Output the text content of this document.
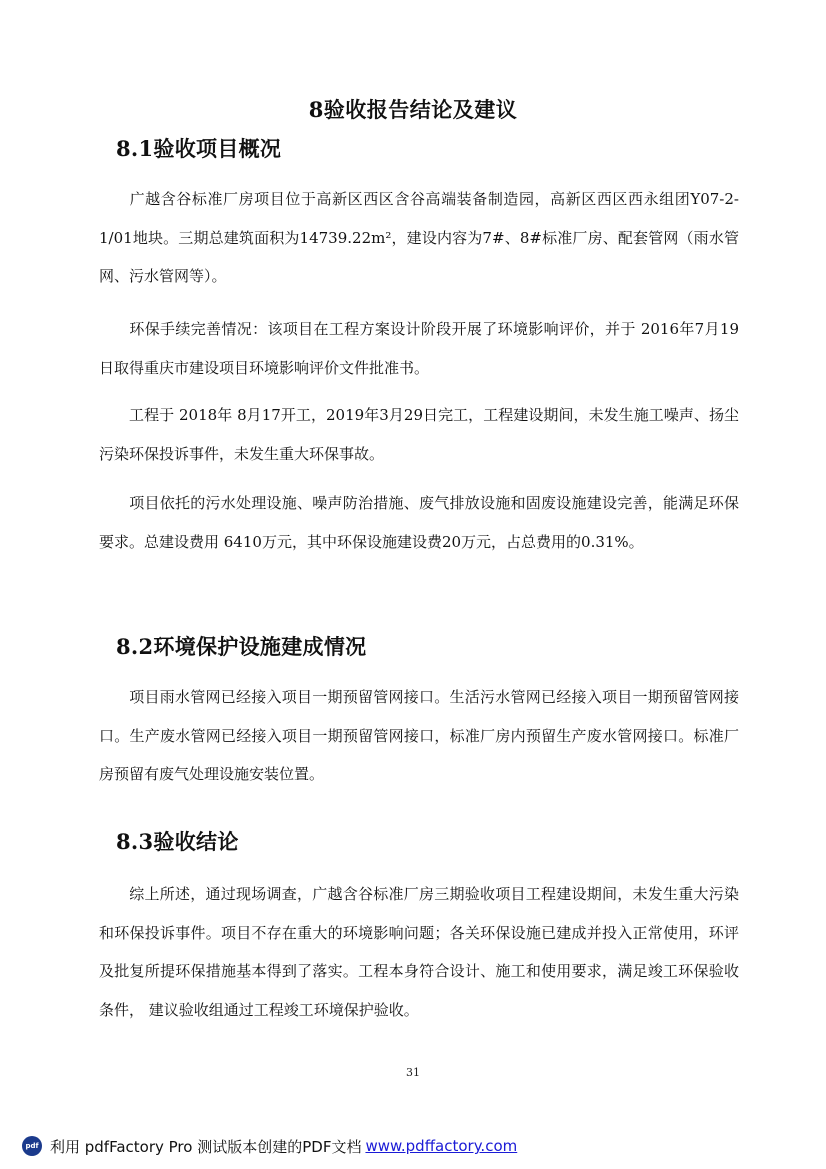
8验收报告结论及建议
8.1验收项目概况

广越含谷标准厂房项目位于高新区西区含谷高端装备制造园，高新区西区西永组团Y07-2-1/01地块。三期总建筑面积为14739.22m²，建设内容为7#、8#标准厂房、配套管网（雨水管网、污水管网等）。

环保手续完善情况：该项目在工程方案设计阶段开展了环境影响评价，并于 2016年7月19日取得重庆市建设项目环境影响评价文件批准书。

工程于 2018年 8月17开工，2019年3月29日完工，工程建设期间，未发生施工噪声、扬尘污染环保投诉事件，未发生重大环保事故。

项目依托的污水处理设施、噪声防治措施、废气排放设施和固废设施建设完善，能满足环保要求。总建设费用 6410万元，其中环保设施建设费20万元，占总费用的0.31%。

8.2环境保护设施建成情况

项目雨水管网已经接入项目一期预留管网接口。生活污水管网已经接入项目一期预留管网接口。生产废水管网已经接入项目一期预留管网接口，标准厂房内预留生产废水管网接口。标准厂房预留有废气处理设施安装位置。

8.3验收结论

综上所述，通过现场调查，广越含谷标准厂房三期验收项目工程建设期间，未发生重大污染和环保投诉事件。项目不存在重大的环境影响问题；各关环保设施已建成并投入正常使用，环评及批复所提环保措施基本得到了落实。工程本身符合设计、施工和使用要求，满足竣工环保验收条件， 建议验收组通过工程竣工环境保护验收。

31
pdf 利用 pdfFactory Pro 测试版本创建的PDF文档 www.pdffactory.com
